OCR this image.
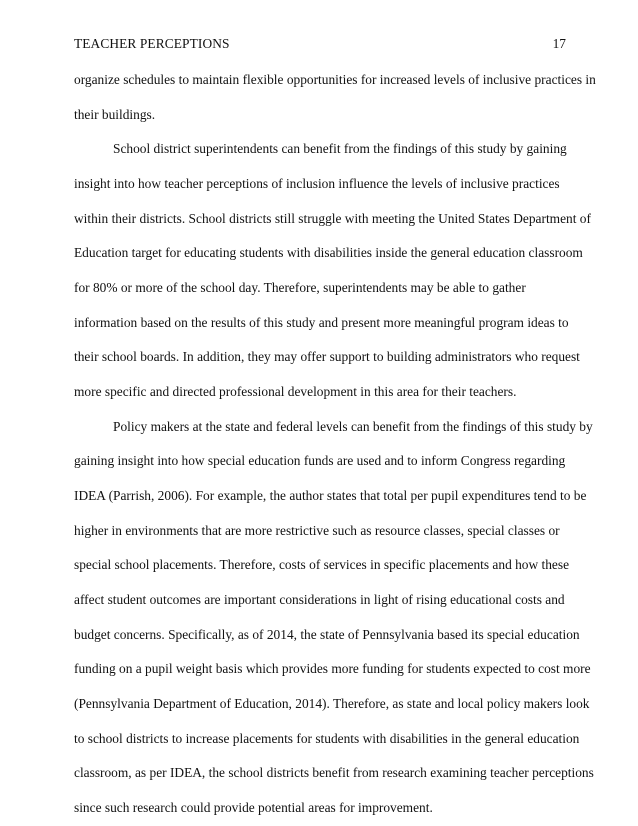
TEACHER PERCEPTIONS	17
organize schedules to maintain flexible opportunities for increased levels of inclusive practices in
their buildings.
School district superintendents can benefit from the findings of this study by gaining
insight into how teacher perceptions of inclusion influence the levels of inclusive practices
within their districts. School districts still struggle with meeting the United States Department of
Education target for educating students with disabilities inside the general education classroom
for 80% or more of the school day. Therefore, superintendents may be able to gather
information based on the results of this study and present more meaningful program ideas to
their school boards. In addition, they may offer support to building administrators who request
more specific and directed professional development in this area for their teachers.
Policy makers at the state and federal levels can benefit from the findings of this study by
gaining insight into how special education funds are used and to inform Congress regarding
IDEA (Parrish, 2006). For example, the author states that total per pupil expenditures tend to be
higher in environments that are more restrictive such as resource classes, special classes or
special school placements. Therefore, costs of services in specific placements and how these
affect student outcomes are important considerations in light of rising educational costs and
budget concerns. Specifically, as of 2014, the state of Pennsylvania based its special education
funding on a pupil weight basis which provides more funding for students expected to cost more
(Pennsylvania Department of Education, 2014). Therefore, as state and local policy makers look
to school districts to increase placements for students with disabilities in the general education
classroom, as per IDEA, the school districts benefit from research examining teacher perceptions
since such research could provide potential areas for improvement.
